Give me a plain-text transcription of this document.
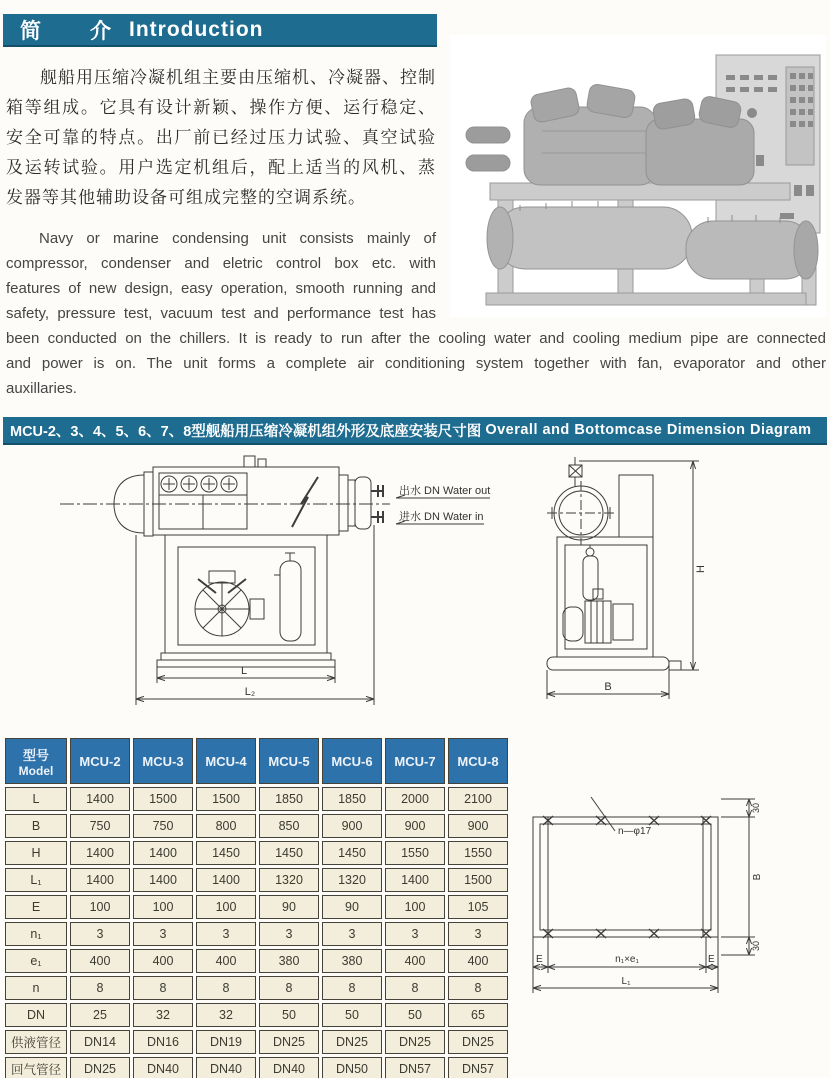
简　介 Introduction

舰船用压缩冷凝机组主要由压缩机、冷凝器、控制箱等组成。它具有设计新颖、操作方便、运行稳定、安全可靠的特点。出厂前已经过压力试验、真空试验及运转试验。用户选定机组后，配上适当的风机、蒸发器等其他辅助设备可组成完整的空调系统。

Navy or marine condensing unit consists mainly of compressor, condenser and eletric control box etc. with features of new design, easy operation, smooth running and safety, pressure test, vacuum test and performance test has been conducted on the chillers. It is ready to run after the cooling water and cooling medium pipe are connected and power is on. The unit forms a complete air conditioning system together with fan, evaporator and other auxillaries.

MCU-2、3、4、5、6、7、8型舰船用压缩冷凝机组外形及底座安装尺寸图 Overall and Bottomcase Dimension Diagram
出水 DN Water out
进水 DN Water in
L
L₂
H
B
型号
Model	MCU-2	MCU-3	MCU-4	MCU-5	MCU-6	MCU-7	MCU-8
L	1400	1500	1500	1850	1850	2000	2100
B	750	750	800	850	900	900	900
H	1400	1400	1450	1450	1450	1550	1550
L₁	1400	1400	1400	1320	1320	1400	1500
E	100	100	100	90	90	100	105
n₁	3	3	3	3	3	3	3
e₁	400	400	400	380	380	400	400
n	8	8	8	8	8	8	8
DN	25	32	32	50	50	50	65
供液管径	DN14	DN16	DN19	DN25	DN25	DN25	DN25
回气管径	DN25	DN40	DN40	DN40	DN50	DN57	DN57
n—φ17
30
B
30
E	n₁×e₁	E
L₁
